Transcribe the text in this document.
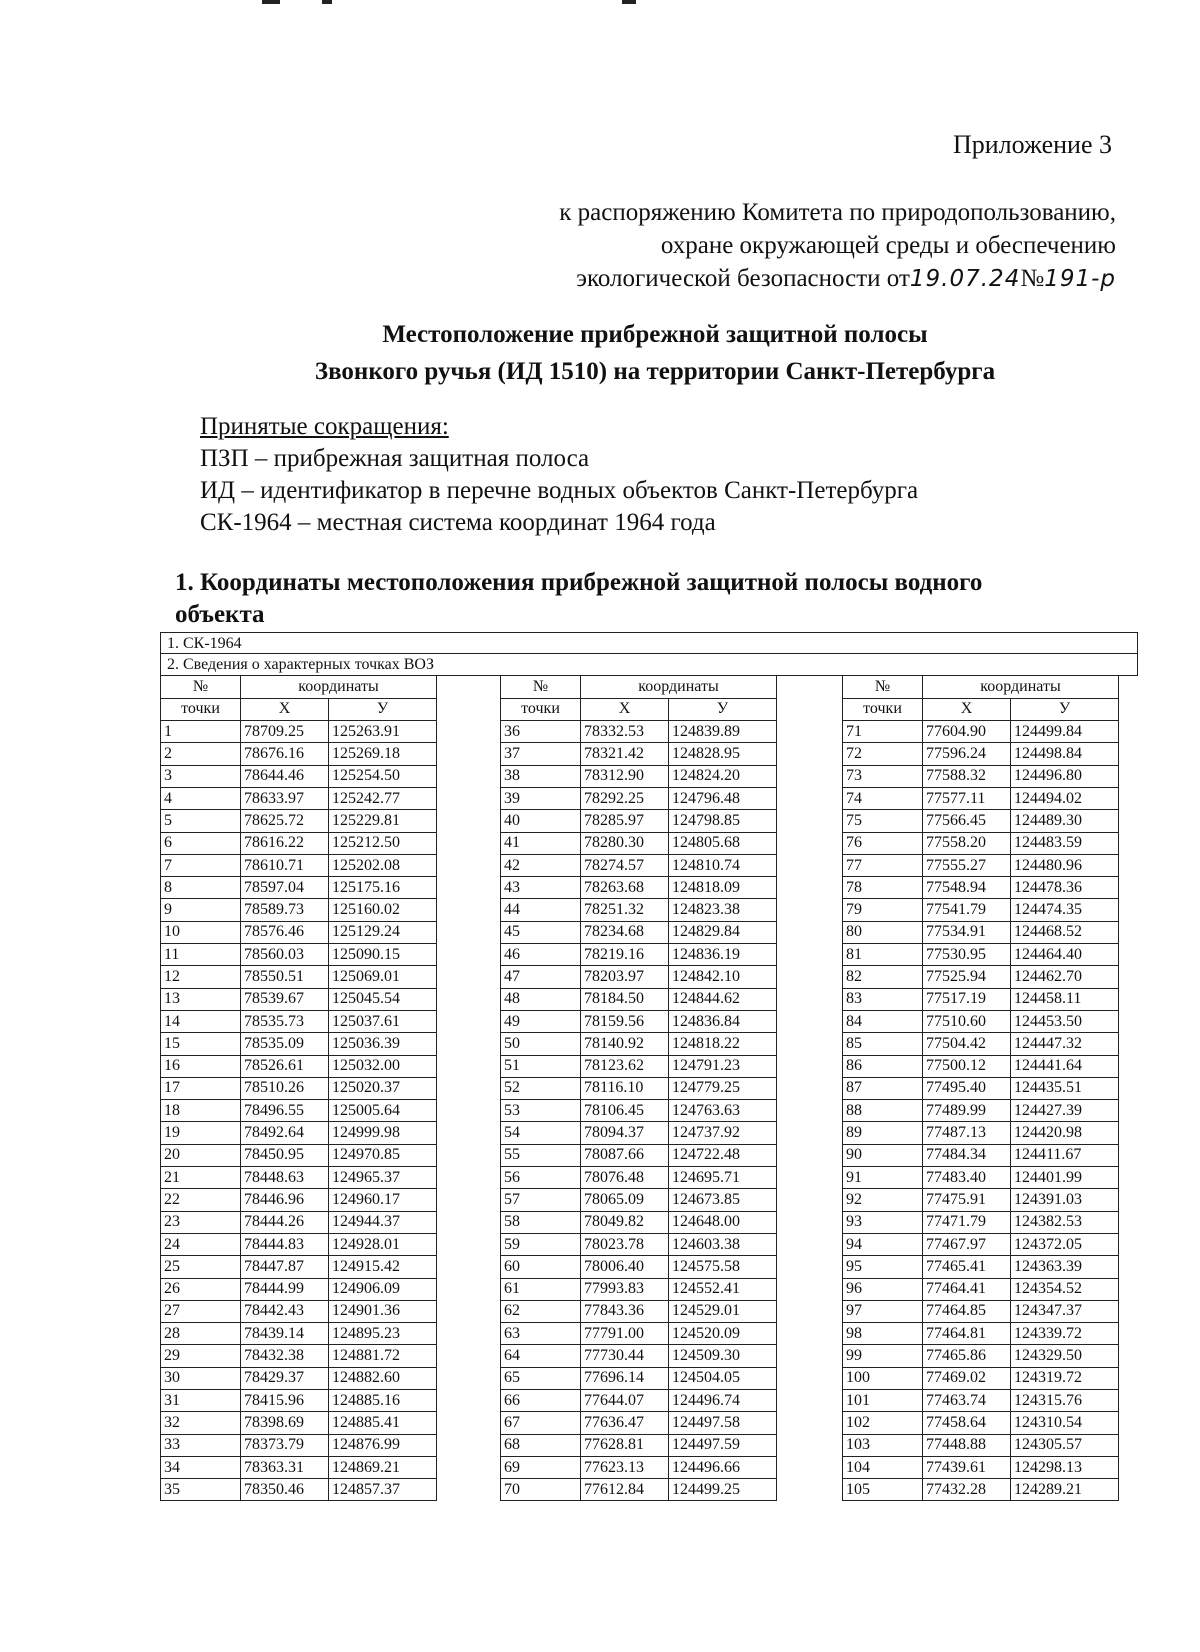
Приложение 3
к распоряжению Комитета по природопользованию,
охране окружающей среды и обеспечению
экологической безопасности от19.07.24№191-р
Местоположение прибрежной защитной полосы
Звонкого ручья (ИД 1510) на территории Санкт-Петербурга
Принятые сокращения:
ПЗП – прибрежная защитная полоса
ИД – идентификатор в перечне водных объектов Санкт-Петербурга
СК-1964 – местная система координат 1964 года
1. Координаты местоположения прибрежной защитной полосы водного
объекта
1. СК-1964
2. Сведения о характерных точках ВОЗ
№	координаты	
точки	Х	У
1	78709.25	125263.91
2	78676.16	125269.18
3	78644.46	125254.50
4	78633.97	125242.77
5	78625.72	125229.81
6	78616.22	125212.50
7	78610.71	125202.08
8	78597.04	125175.16
9	78589.73	125160.02
10	78576.46	125129.24
11	78560.03	125090.15
12	78550.51	125069.01
13	78539.67	125045.54
14	78535.73	125037.61
15	78535.09	125036.39
16	78526.61	125032.00
17	78510.26	125020.37
18	78496.55	125005.64
19	78492.64	124999.98
20	78450.95	124970.85
21	78448.63	124965.37
22	78446.96	124960.17
23	78444.26	124944.37
24	78444.83	124928.01
25	78447.87	124915.42
26	78444.99	124906.09
27	78442.43	124901.36
28	78439.14	124895.23
29	78432.38	124881.72
30	78429.37	124882.60
31	78415.96	124885.16
32	78398.69	124885.41
33	78373.79	124876.99
34	78363.31	124869.21
35	78350.46	124857.37
№	координаты	
точки	Х	У
36	78332.53	124839.89
37	78321.42	124828.95
38	78312.90	124824.20
39	78292.25	124796.48
40	78285.97	124798.85
41	78280.30	124805.68
42	78274.57	124810.74
43	78263.68	124818.09
44	78251.32	124823.38
45	78234.68	124829.84
46	78219.16	124836.19
47	78203.97	124842.10
48	78184.50	124844.62
49	78159.56	124836.84
50	78140.92	124818.22
51	78123.62	124791.23
52	78116.10	124779.25
53	78106.45	124763.63
54	78094.37	124737.92
55	78087.66	124722.48
56	78076.48	124695.71
57	78065.09	124673.85
58	78049.82	124648.00
59	78023.78	124603.38
60	78006.40	124575.58
61	77993.83	124552.41
62	77843.36	124529.01
63	77791.00	124520.09
64	77730.44	124509.30
65	77696.14	124504.05
66	77644.07	124496.74
67	77636.47	124497.58
68	77628.81	124497.59
69	77623.13	124496.66
70	77612.84	124499.25
№	координаты	
точки	Х	У
71	77604.90	124499.84
72	77596.24	124498.84
73	77588.32	124496.80
74	77577.11	124494.02
75	77566.45	124489.30
76	77558.20	124483.59
77	77555.27	124480.96
78	77548.94	124478.36
79	77541.79	124474.35
80	77534.91	124468.52
81	77530.95	124464.40
82	77525.94	124462.70
83	77517.19	124458.11
84	77510.60	124453.50
85	77504.42	124447.32
86	77500.12	124441.64
87	77495.40	124435.51
88	77489.99	124427.39
89	77487.13	124420.98
90	77484.34	124411.67
91	77483.40	124401.99
92	77475.91	124391.03
93	77471.79	124382.53
94	77467.97	124372.05
95	77465.41	124363.39
96	77464.41	124354.52
97	77464.85	124347.37
98	77464.81	124339.72
99	77465.86	124329.50
100	77469.02	124319.72
101	77463.74	124315.76
102	77458.64	124310.54
103	77448.88	124305.57
104	77439.61	124298.13
105	77432.28	124289.21
